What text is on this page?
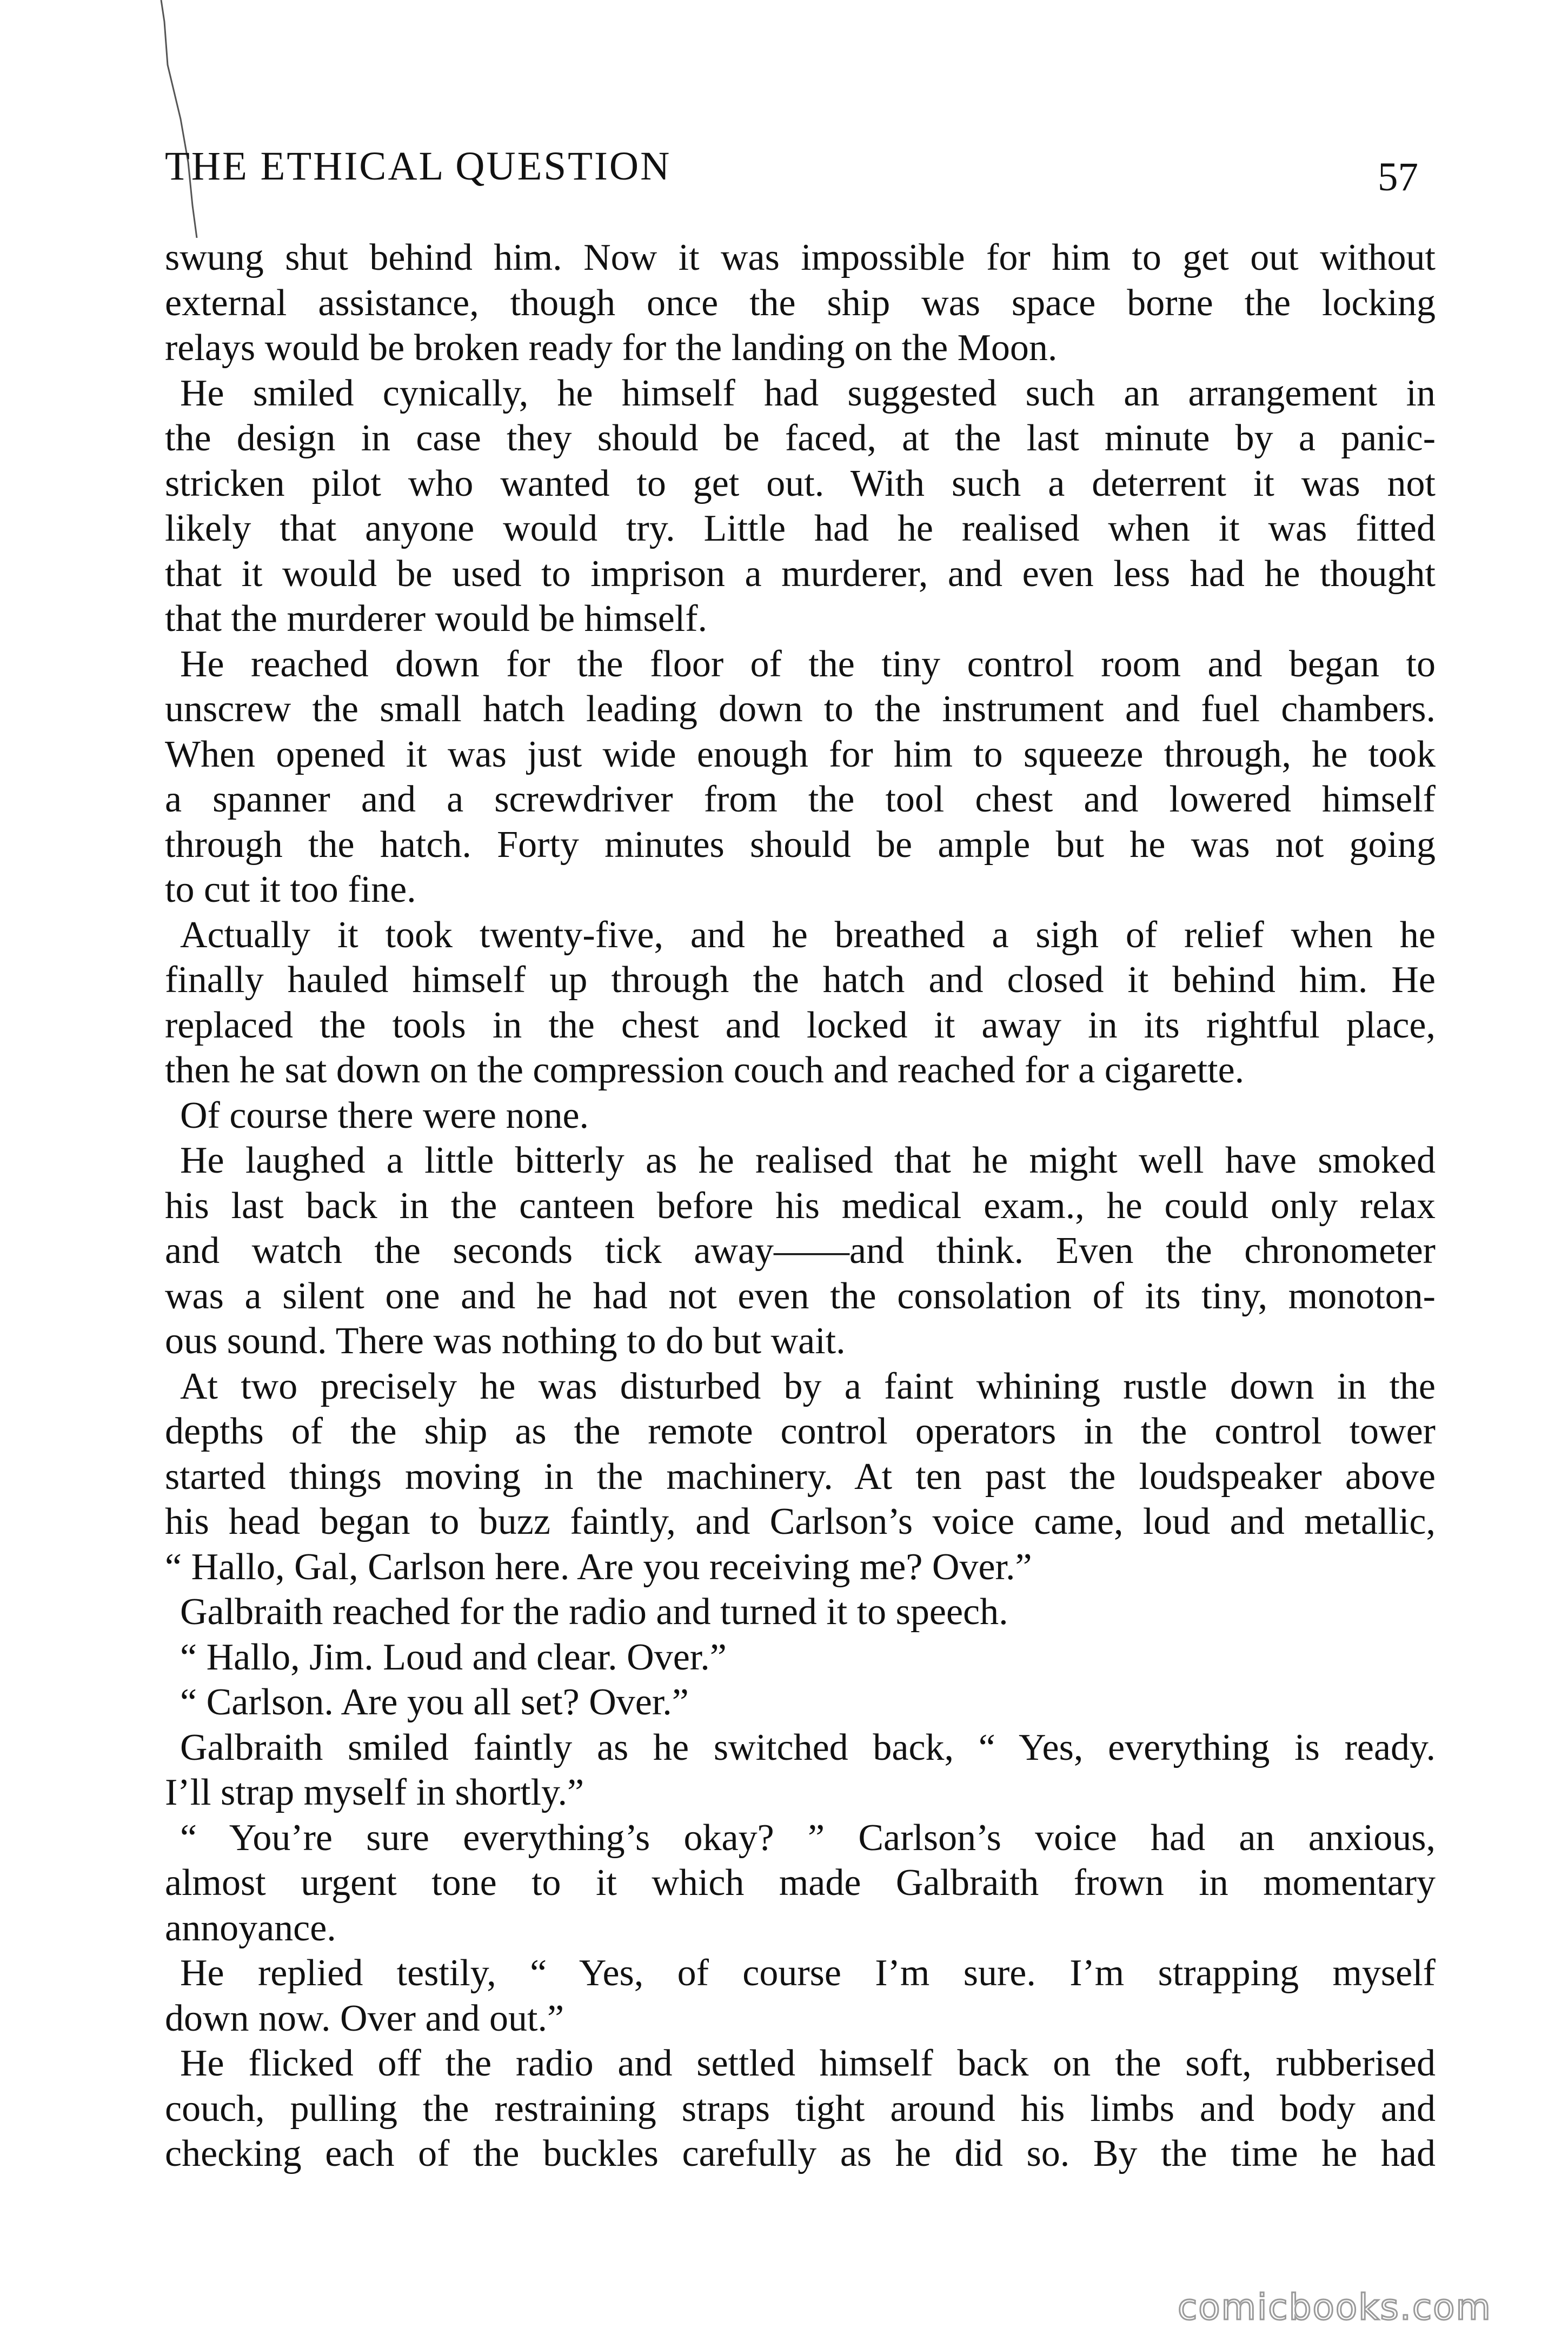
THE ETHICAL QUESTION	57
swung shut behind him. Now it was impossible for him to get out without
external assistance, though once the ship was space borne the locking
relays would be broken ready for the landing on the Moon.
He smiled cynically, he himself had suggested such an arrangement in
the design in case they should be faced, at the last minute by a panic-
stricken pilot who wanted to get out. With such a deterrent it was not
likely that anyone would try. Little had he realised when it was fitted
that it would be used to imprison a murderer, and even less had he thought
that the murderer would be himself.
He reached down for the floor of the tiny control room and began to
unscrew the small hatch leading down to the instrument and fuel chambers.
When opened it was just wide enough for him to squeeze through, he took
a spanner and a screwdriver from the tool chest and lowered himself
through the hatch. Forty minutes should be ample but he was not going
to cut it too fine.
Actually it took twenty-five, and he breathed a sigh of relief when he
finally hauled himself up through the hatch and closed it behind him. He
replaced the tools in the chest and locked it away in its rightful place,
then he sat down on the compression couch and reached for a cigarette.
Of course there were none.
He laughed a little bitterly as he realised that he might well have smoked
his last back in the canteen before his medical exam., he could only relax
and watch the seconds tick away——and think. Even the chronometer
was a silent one and he had not even the consolation of its tiny, monoton-
ous sound. There was nothing to do but wait.
At two precisely he was disturbed by a faint whining rustle down in the
depths of the ship as the remote control operators in the control tower
started things moving in the machinery. At ten past the loudspeaker above
his head began to buzz faintly, and Carlson’s voice came, loud and metallic,
“ Hallo, Gal, Carlson here. Are you receiving me? Over.”
Galbraith reached for the radio and turned it to speech.
“ Hallo, Jim. Loud and clear. Over.”
“ Carlson. Are you all set? Over.”
Galbraith smiled faintly as he switched back, “ Yes, everything is ready.
I’ll strap myself in shortly.”
“ You’re sure everything’s okay? ” Carlson’s voice had an anxious,
almost urgent tone to it which made Galbraith frown in momentary
annoyance.
He replied testily, “ Yes, of course I’m sure. I’m strapping myself
down now. Over and out.”
He flicked off the radio and settled himself back on the soft, rubberised
couch, pulling the restraining straps tight around his limbs and body and
checking each of the buckles carefully as he did so. By the time he had
comicbooks.com
